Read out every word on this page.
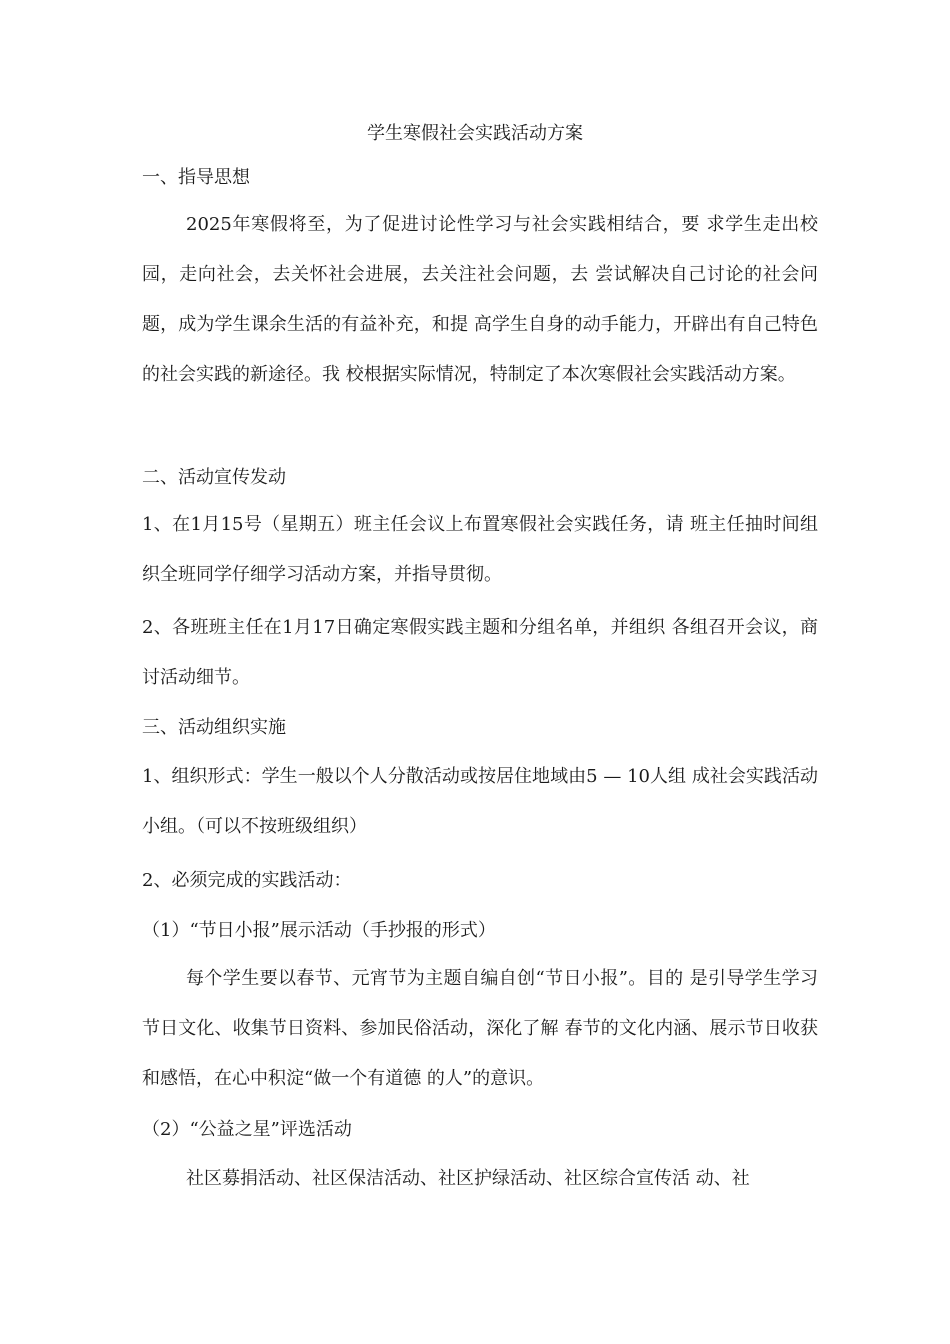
学生寒假社会实践活动方案
一、指导思想
2025年寒假将至，为了促进讨论性学习与社会实践相结合，要 求学生走出校园，走向社会，去关怀社会进展，去关注社会问题，去 尝试解决自己讨论的社会问题，成为学生课余生活的有益补充，和提 高学生自身的动手能力，开辟出有自己特色的社会实践的新途径。我 校根据实际情况，特制定了本次寒假社会实践活动方案。
二、活动宣传发动
1、在1月15号（星期五）班主任会议上布置寒假社会实践任务，请 班主任抽时间组织全班同学仔细学习活动方案，并指导贯彻。
2、各班班主任在1月17日确定寒假实践主题和分组名单，并组织 各组召开会议，商讨活动细节。
三、活动组织实施
1、组织形式：学生一般以个人分散活动或按居住地域由5 — 10人组 成社会实践活动小组。（可以不按班级组织）
2、必须完成的实践活动：
（1）“节日小报”展示活动（手抄报的形式）
每个学生要以春节、元宵节为主题自编自创“节日小报”。目的 是引导学生学习节日文化、收集节日资料、参加民俗活动，深化了解 春节的文化内涵、展示节日收获和感悟，在心中积淀“做一个有道德 的人”的意识。
（2）“公益之星”评选活动
社区募捐活动、社区保洁活动、社区护绿活动、社区综合宣传活 动、社
